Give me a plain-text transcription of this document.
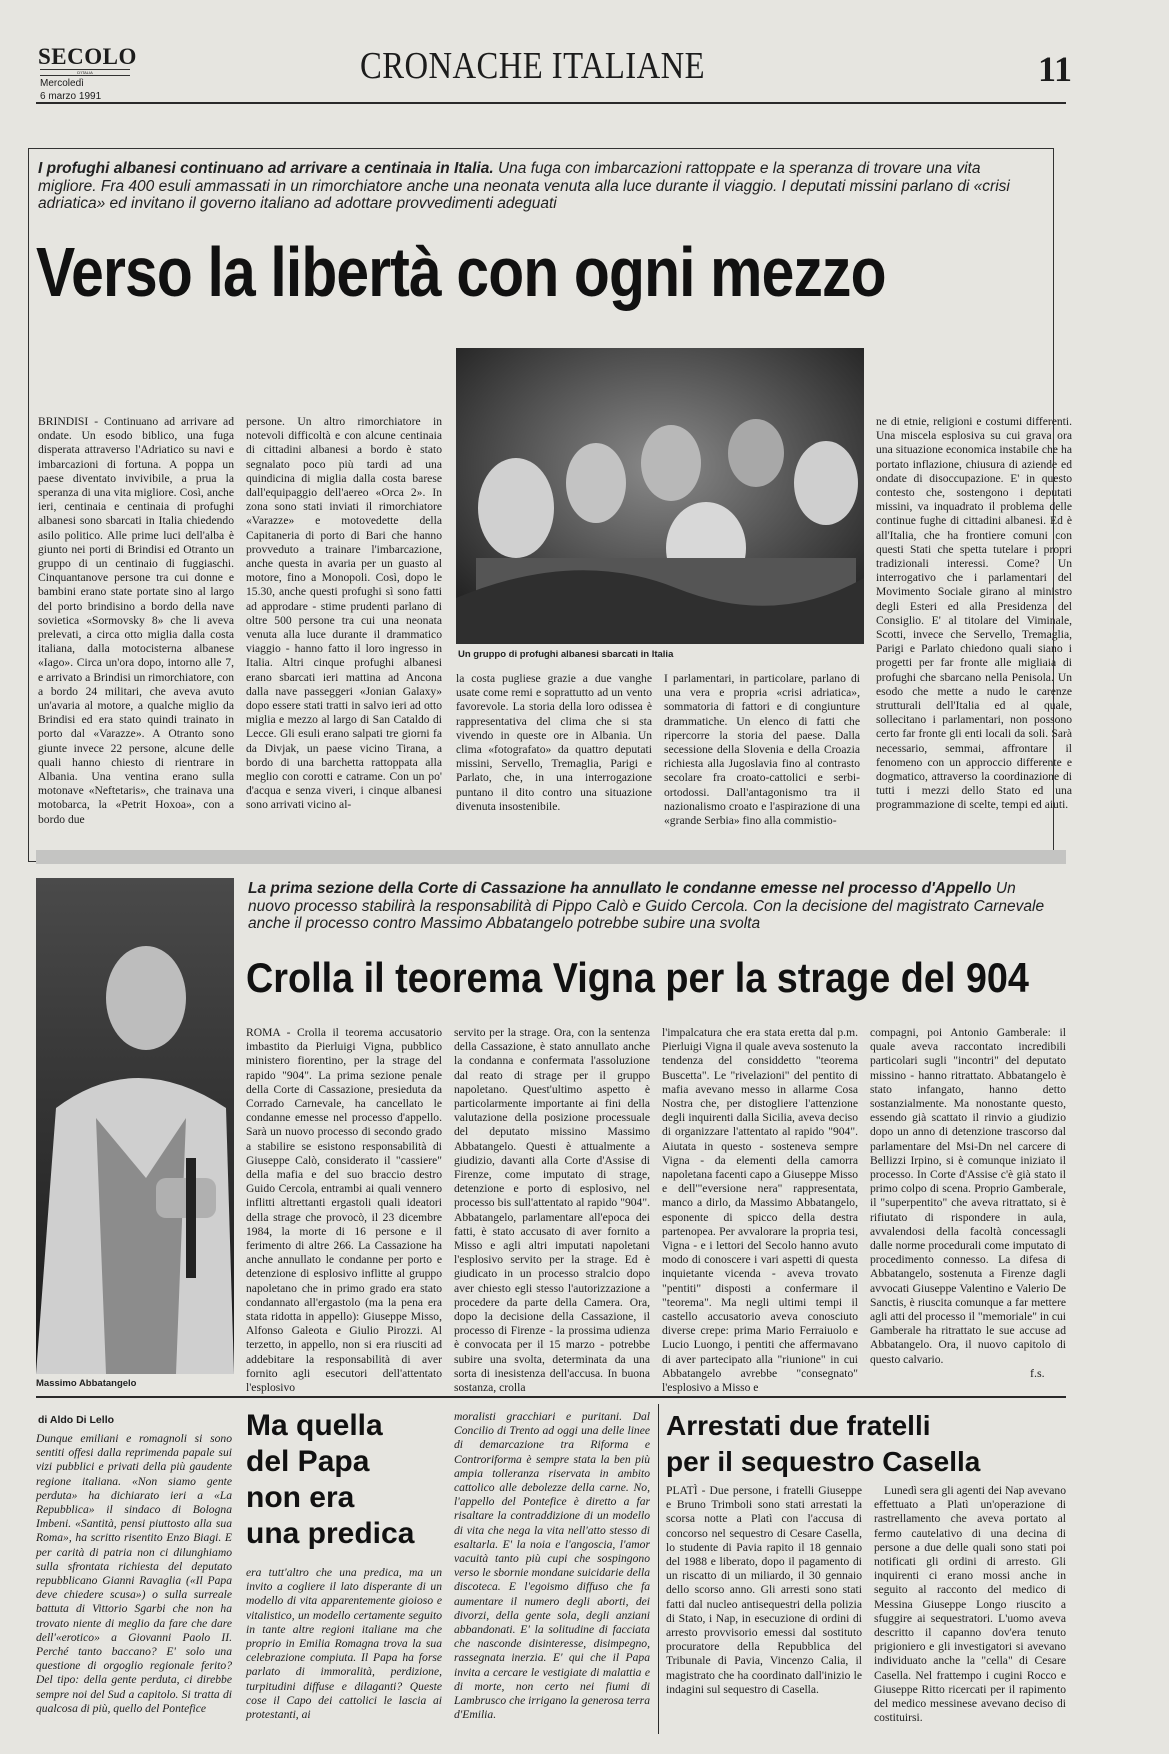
SECOLO
D'ITALIA
Mercoledì
6 marzo 1991
CRONACHE ITALIANE	11
I profughi albanesi continuano ad arrivare a centinaia in Italia. Una fuga con imbarcazioni rattoppate e la speranza di trovare una vita migliore. Fra 400 esuli ammassati in un rimorchiatore anche una neonata venuta alla luce durante il viaggio. I deputati missini parlano di «crisi adriatica» ed invitano il governo italiano ad adottare provvedimenti adeguati
Verso la libertà con ogni mezzo

BRINDISI - Continuano ad arrivare ad ondate. Un esodo biblico, una fuga disperata attraverso l'Adriatico su navi e imbarcazioni di fortuna. A poppa un paese diventato invivibile, a prua la speranza di una vita migliore. Così, anche ieri, centinaia e centinaia di profughi albanesi sono sbarcati in Italia chiedendo asilo politico. Alle prime luci dell'alba è giunto nei porti di Brindisi ed Otranto un gruppo di un centinaio di fuggiaschi. Cinquantanove persone tra cui donne e bambini erano state portate sino al largo del porto brindisino a bordo della nave sovietica «Sormovsky 8» che li aveva prelevati, a circa otto miglia dalla costa italiana, dalla motocisterna albanese «Iago». Circa un'ora dopo, intorno alle 7, e arrivato a Brindisi un rimorchiatore, con a bordo 24 militari, che aveva avuto un'avaria al motore, a qualche miglio da Brindisi ed era stato quindi trainato in porto dal «Varazze». A Otranto sono giunte invece 22 persone, alcune delle quali hanno chiesto di rientrare in Albania. Una ventina erano sulla motonave «Neftetaris», che trainava una motobarca, la «Petrit Hoxoa», con a bordo due

persone. Un altro rimorchiatore in notevoli difficoltà e con alcune centinaia di cittadini albanesi a bordo è stato segnalato poco più tardi ad una quindicina di miglia dalla costa barese dall'equipaggio dell'aereo «Orca 2». In zona sono stati inviati il rimorchiatore «Varazze» e motovedette della Capitaneria di porto di Bari che hanno provveduto a trainare l'imbarcazione, anche questa in avaria per un guasto al motore, fino a Monopoli. Così, dopo le 15.30, anche questi profughi sì sono fatti ad approdare - stime prudenti parlano di oltre 500 persone tra cui una neonata venuta alla luce durante il drammatico viaggio - hanno fatto il loro ingresso in Italia. Altri cinque profughi albanesi erano sbarcati ieri mattina ad Ancona dalla nave passeggeri «Jonian Galaxy» dopo essere stati tratti in salvo ieri ad otto miglia e mezzo al largo di San Cataldo di Lecce. Gli esuli erano salpati tre giorni fa da Divjak, un paese vicino Tirana, a bordo di una barchetta rattoppata alla meglio con corotti e catrame. Con un po' d'acqua e senza viveri, i cinque albanesi sono arrivati vicino al-

Un gruppo di profughi albanesi sbarcati in Italia

la costa pugliese grazie a due vanghe usate come remi e soprattutto ad un vento favorevole. La storia della loro odissea è rappresentativa del clima che si sta vivendo in queste ore in Albania. Un clima «fotografato» da quattro deputati missini, Servello, Tremaglia, Parigi e Parlato, che, in una interrogazione puntano il dito contro una situazione divenuta insostenibile.

I parlamentari, in particolare, parlano di una vera e propria «crisi adriatica», sommatoria di fattori e di congiunture drammatiche. Un elenco di fatti che ripercorre la storia del paese. Dalla secessione della Slovenia e della Croazia richiesta alla Jugoslavia fino al contrasto secolare fra croato-cattolici e serbi-ortodossi. Dall'antagonismo tra il nazionalismo croato e l'aspirazione di una «grande Serbia» fino alla commistio-

ne di etnie, religioni e costumi differenti. Una miscela esplosiva su cui grava ora una situazione economica instabile che ha portato inflazione, chiusura di aziende ed ondate di disoccupazione. E' in questo contesto che, sostengono i deputati missini, va inquadrato il problema delle continue fughe di cittadini albanesi. Ed è all'Italia, che ha frontiere comuni con questi Stati che spetta tutelare i propri tradizionali interessi. Come? Un interrogativo che i parlamentari del Movimento Sociale girano al ministro degli Esteri ed alla Presidenza del Consiglio. E' al titolare del Viminale, Scotti, invece che Servello, Tremaglia, Parigi e Parlato chiedono quali siano i progetti per far fronte alle migliaia di profughi che sbarcano nella Penisola. Un esodo che mette a nudo le carenze strutturali dell'Italia ed al quale, sollecitano i parlamentari, non possono certo far fronte gli enti locali da soli. Sarà necessario, semmai, affrontare il fenomeno con un approccio differente e dogmatico, attraverso la coordinazione di tutti i mezzi dello Stato ed una programmazione di scelte, tempi ed aiuti.

Massimo Abbatangelo
La prima sezione della Corte di Cassazione ha annullato le condanne emesse nel processo d'Appello Un nuovo processo stabilirà la responsabilità di Pippo Calò e Guido Cercola. Con la decisione del magistrato Carnevale anche il processo contro Massimo Abbatangelo potrebbe subire una svolta
Crolla il teorema Vigna per la strage del 904

ROMA - Crolla il teorema accusatorio imbastito da Pierluigi Vigna, pubblico ministero fiorentino, per la strage del rapido "904". La prima sezione penale della Corte di Cassazione, presieduta da Corrado Carnevale, ha cancellato le condanne emesse nel processo d'appello. Sarà un nuovo processo di secondo grado a stabilire se esistono responsabilità di Giuseppe Calò, considerato il "cassiere" della mafia e del suo braccio destro Guido Cercola, entrambi ai quali vennero inflitti altrettanti ergastoli quali ideatori della strage che provocò, il 23 dicembre 1984, la morte di 16 persone e il ferimento di altre 266. La Cassazione ha anche annullato le condanne per porto e detenzione di esplosivo inflitte al gruppo napoletano che in primo grado era stato condannato all'ergastolo (ma la pena era stata ridotta in appello): Giuseppe Misso, Alfonso Galeota e Giulio Pirozzi. Al terzetto, in appello, non si era riusciti ad addebitare la responsabilità di aver fornito agli esecutori dell'attentato l'esplosivo

servito per la strage. Ora, con la sentenza della Cassazione, è stato annullato anche la condanna e confermata l'assoluzione dal reato di strage per il gruppo napoletano. Quest'ultimo aspetto è particolarmente importante ai fini della valutazione della posizione processuale del deputato missino Massimo Abbatangelo. Questi è attualmente a giudizio, davanti alla Corte d'Assise di Firenze, come imputato di strage, detenzione e porto di esplosivo, nel processo bis sull'attentato al rapido "904". Abbatangelo, parlamentare all'epoca dei fatti, è stato accusato di aver fornito a Misso e agli altri imputati napoletani l'esplosivo servito per la strage. Ed è giudicato in un processo stralcio dopo aver chiesto egli stesso l'autorizzazione a procedere da parte della Camera. Ora, dopo la decisione della Cassazione, il processo di Firenze - la prossima udienza è convocata per il 15 marzo - potrebbe subire una svolta, determinata da una sorta di inesistenza dell'accusa. In buona sostanza, crolla

l'impalcatura che era stata eretta dal p.m. Pierluigi Vigna il quale aveva sostenuto la tendenza del considdetto "teorema Buscetta". Le "rivelazioni" del pentito di mafia avevano messo in allarme Cosa Nostra che, per distogliere l'attenzione degli inquirenti dalla Sicilia, aveva deciso di organizzare l'attentato al rapido "904". Aiutata in questo - sosteneva sempre Vigna - da elementi della camorra napoletana facenti capo a Giuseppe Misso e dell'"eversione nera" rappresentata, manco a dirlo, da Massimo Abbatangelo, esponente di spicco della destra partenopea. Per avvalorare la propria tesi, Vigna - e i lettori del Secolo hanno avuto modo di conoscere i vari aspetti di questa inquietante vicenda - aveva trovato "pentiti" disposti a confermare il "teorema". Ma negli ultimi tempi il castello accusatorio aveva conosciuto diverse crepe: prima Mario Ferraiuolo e Lucio Luongo, i pentiti che affermavano di aver partecipato alla "riunione" in cui Abbatangelo avrebbe "consegnato" l'esplosivo a Misso e

compagni, poi Antonio Gamberale: il quale aveva raccontato incredibili particolari sugli "incontri" del deputato missino - hanno ritrattato. Abbatangelo è stato infangato, hanno detto sostanzialmente. Ma nonostante questo, essendo già scattato il rinvio a giudizio dopo un anno di detenzione trascorso dal parlamentare del Msi-Dn nel carcere di Bellizzi Irpino, si è comunque iniziato il processo. In Corte d'Assise c'è già stato il primo colpo di scena. Proprio Gamberale, il "superpentito" che aveva ritrattato, si è rifiutato di rispondere in aula, avvalendosi della facoltà concessagli dalle norme procedurali come imputato di procedimento connesso. La difesa di Abbatangelo, sostenuta a Firenze dagli avvocati Giuseppe Valentino e Valerio De Sanctis, è riuscita comunque a far mettere agli atti del processo il "memoriale" in cui Gamberale ha ritrattato le sue accuse ad Abbatangelo. Ora, il nuovo capitolo di questo calvario.

f.s.
di Aldo Di Lello

Dunque emiliani e romagnoli si sono sentiti offesi dalla reprimenda papale sui vizi pubblici e privati della più gaudente regione italiana. «Non siamo gente perduta» ha dichiarato ieri a «La Repubblica» il sindaco di Bologna Imbeni. «Santità, pensi piuttosto alla sua Roma», ha scritto risentito Enzo Biagi. E per carità di patria non ci dilunghiamo sulla sfrontata richiesta del deputato repubblicano Gianni Ravaglia («Il Papa deve chiedere scusa») o sulla surreale battuta di Vittorio Sgarbi che non ha trovato niente di meglio da fare che dare dell'«erotico» a Giovanni Paolo II. Perché tanto baccano? E' solo una questione di orgoglio regionale ferito? Del tipo: della gente perduta, ci direbbe sempre noi del Sud a capitolo. Si tratta di qualcosa di più, quello del Pontefice

Ma quella
del Papa
non era
una predica

era tutt'altro che una predica, ma un invito a cogliere il lato disperante di un modello di vita apparentemente gioioso e vitalistico, un modello certamente seguito in tante altre regioni italiane ma che proprio in Emilia Romagna trova la sua celebrazione compiuta. Il Papa ha forse parlato di immoralità, perdizione, turpitudini diffuse e dilaganti? Queste cose il Capo dei cattolici le lascia ai protestanti, ai

moralisti gracchiari e puritani. Dal Concilio di Trento ad oggi una delle linee di demarcazione tra Riforma e Controriforma è sempre stata la ben più ampia tolleranza riservata in ambito cattolico alle debolezze della carne. No, l'appello del Pontefice è diretto a far risaltare la contraddizione di un modello di vita che nega la vita nell'atto stesso di esaltarla. E' la noia e l'angoscia, l'amor vacuità tanto più cupi che sospingono verso le sbornie mondane suicidarie della discoteca. E l'egoismo diffuso che fa aumentare il numero degli aborti, dei divorzi, della gente sola, degli anziani abbandonati. E' la solitudine di facciata che nasconde disinteresse, disimpegno, rassegnata inerzia. E' qui che il Papa invita a cercare le vestigiate di malattia e di morte, non certo nei fiumi di Lambrusco che irrigano la generosa terra d'Emilia.

Arrestati due fratelli
per il sequestro Casella

PLATÌ - Due persone, i fratelli Giuseppe e Bruno Trimboli sono stati arrestati la scorsa notte a Platì con l'accusa di concorso nel sequestro di Cesare Casella, lo studente di Pavia rapito il 18 gennaio del 1988 e liberato, dopo il pagamento di un riscatto di un miliardo, il 30 gennaio dello scorso anno. Gli arresti sono stati fatti dal nucleo antisequestri della polizia di Stato, i Nap, in esecuzione di ordini di arresto provvisorio emessi dal sostituto procuratore della Repubblica del Tribunale di Pavia, Vincenzo Calia, il magistrato che ha coordinato dall'inizio le indagini sul sequestro di Casella.

Lunedì sera gli agenti dei Nap avevano effettuato a Platì un'operazione di rastrellamento che aveva portato al fermo cautelativo di una decina di persone a due delle quali sono stati poi notificati gli ordini di arresto. Gli inquirenti ci erano mossi anche in seguito al racconto del medico di Messina Giuseppe Longo riuscito a sfuggire ai sequestratori. L'uomo aveva descritto il capanno dov'era tenuto prigioniero e gli investigatori si avevano individuato anche la "cella" di Cesare Casella. Nel frattempo i cugini Rocco e Giuseppe Ritto ricercati per il rapimento del medico messinese avevano deciso di costituirsi.
